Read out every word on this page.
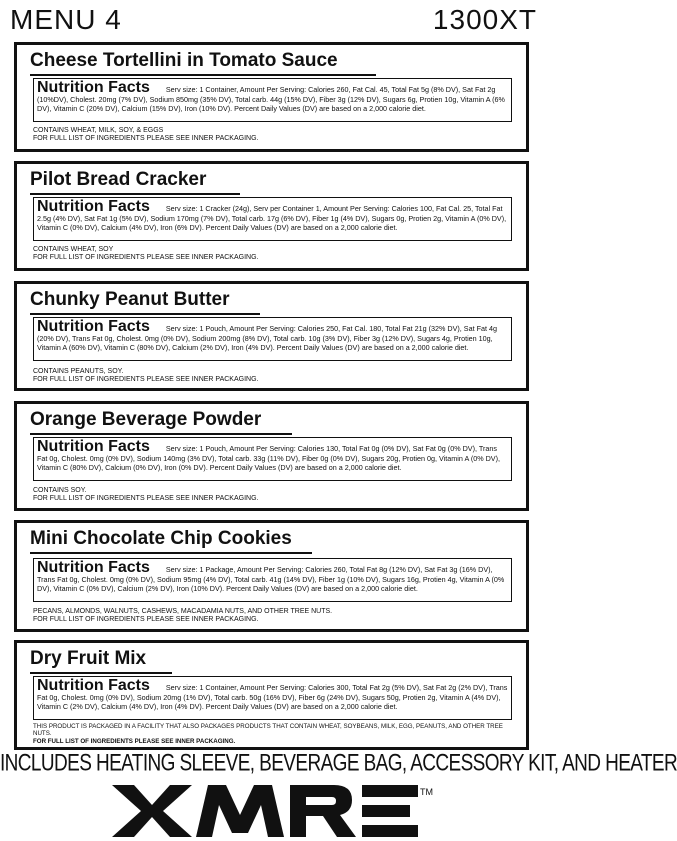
MENU 4	1300XT
Cheese Tortellini in Tomato Sauce
Nutrition Facts Serv size: 1 Container, Amount Per Serving: Calories 260, Fat Cal. 45, Total Fat 5g (8% DV), Sat Fat 2g (10%DV), Cholest. 20mg (7% DV), Sodium 850mg (35% DV), Total carb. 44g (15% DV), Fiber 3g (12% DV), Sugars 6g, Protien 10g, Vitamin A (6% DV), Vitamin C (20% DV), Calcium (15% DV), Iron (10% DV). Percent Daily Values (DV) are based on a 2,000 calorie diet.
CONTAINS WHEAT, MILK, SOY, & EGGS
FOR FULL LIST OF INGREDIENTS PLEASE SEE INNER PACKAGING.
Pilot Bread Cracker
Nutrition Facts Serv size: 1 Cracker (24g), Serv per Container 1, Amount Per Serving: Calories 100, Fat Cal. 25, Total Fat 2.5g (4% DV), Sat Fat 1g (5% DV), Sodium 170mg (7% DV), Total carb. 17g (6% DV), Fiber 1g (4% DV), Sugars 0g, Protien 2g, Vitamin A (0% DV), Vitamin C (0% DV), Calcium (4% DV), Iron (6% DV). Percent Daily Values (DV) are based on a 2,000 calorie diet.
CONTAINS WHEAT, SOY
FOR FULL LIST OF INGREDIENTS PLEASE SEE INNER PACKAGING.
Chunky Peanut Butter
Nutrition Facts Serv size: 1 Pouch, Amount Per Serving: Calories 250, Fat Cal. 180, Total Fat 21g (32% DV), Sat Fat 4g (20% DV), Trans Fat 0g, Cholest. 0mg (0% DV), Sodium 200mg (8% DV), Total carb. 10g (3% DV), Fiber 3g (12% DV), Sugars 4g, Protien 10g, Vitamin A (60% DV), Vitamin C (80% DV), Calcium (2% DV), Iron (4% DV). Percent Daily Values (DV) are based on a 2,000 calorie diet.
CONTAINS PEANUTS, SOY.
FOR FULL LIST OF INGREDIENTS PLEASE SEE INNER PACKAGING.
Orange Beverage Powder
Nutrition Facts Serv size: 1 Pouch, Amount Per Serving: Calories 130, Total Fat 0g (0% DV), Sat Fat 0g (0% DV), Trans Fat 0g, Cholest. 0mg (0% DV), Sodium 140mg (3% DV), Total carb. 33g (11% DV), Fiber 0g (0% DV), Sugars 20g, Protien 0g, Vitamin A (0% DV), Vitamin C (80% DV), Calcium (0% DV), Iron (0% DV). Percent Daily Values (DV) are based on a 2,000 calorie diet.
CONTAINS SOY.
FOR FULL LIST OF INGREDIENTS PLEASE SEE INNER PACKAGING.
Mini Chocolate Chip Cookies
Nutrition Facts Serv size: 1 Package, Amount Per Serving: Calories 260, Total Fat 8g (12% DV), Sat Fat 3g (16% DV), Trans Fat 0g, Cholest. 0mg (0% DV), Sodium 95mg (4% DV), Total carb. 41g (14% DV), Fiber 1g (10% DV), Sugars 16g, Protien 4g, Vitamin A (0% DV), Vitamin C (0% DV), Calcium (2% DV), Iron (10% DV). Percent Daily Values (DV) are based on a 2,000 calorie diet.
PECANS, ALMONDS, WALNUTS, CASHEWS, MACADAMIA NUTS, AND OTHER TREE NUTS.
FOR FULL LIST OF INGREDIENTS PLEASE SEE INNER PACKAGING.
Dry Fruit Mix
Nutrition Facts Serv size: 1 Container, Amount Per Serving: Calories 300, Total Fat 2g (5% DV), Sat Fat 2g (2% DV), Trans Fat 0g, Cholest. 0mg (0% DV), Sodium 20mg (1% DV), Total carb. 50g (16% DV), Fiber 6g (24% DV), Sugars 50g, Protien 2g, Vitamin A (4% DV), Vitamin C (2% DV), Calcium (4% DV), Iron (4% DV). Percent Daily Values (DV) are based on a 2,000 calorie diet.
THIS PRODUCT IS PACKAGED IN A FACILITY THAT ALSO PACKAGES PRODUCTS THAT CONTAIN WHEAT, SOYBEANS, MILK, EGG, PEANUTS, AND OTHER TREE NUTS.
FOR FULL LIST OF INGREDIENTS PLEASE SEE INNER PACKAGING.
INCLUDES HEATING SLEEVE, BEVERAGE BAG, ACCESSORY KIT, AND HEATER
TM
